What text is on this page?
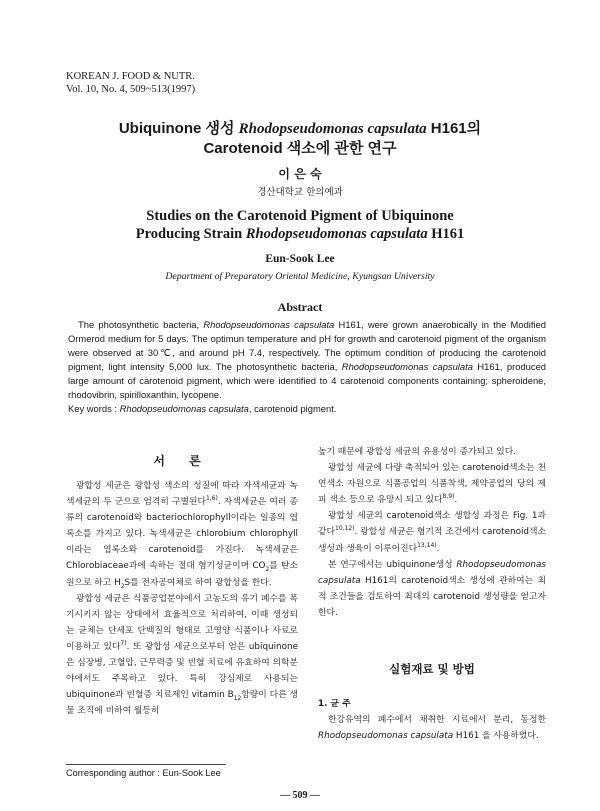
KOREAN J. FOOD & NUTR.
Vol. 10, No. 4, 509~513(1997)
Ubiquinone 생성 Rhodopseudomonas capsulata H161의
Carotenoid 색소에 관한 연구
이 은 숙
경산대학교 한의예과
Studies on the Carotenoid Pigment of Ubiquinone
Producing Strain Rhodopseudomonas capsulata H161
Eun-Sook Lee
Department of Preparatory Oriental Medicine, Kyungsan University
Abstract

The photosynthetic bacteria, Rhodopseudomonas capsulata H161, were grown anaerobically in the Modified Ormerod medium for 5 days. The optimun temperature and pH for growth and carotenoid pigment of the organism were observed at 30℃, and around pH 7.4, respectively. The optimum condition of producing the carotenoid pigment, light intensity 5,000 lux. The photosynthetic bacteria, Rhodopseudomonas capsulata H161, produced large amount of carotenoid pigment, which were identified to 4 carotenoid components containing; spheroidene, rhodovibrin, spirilloxanthin, lycopene.

Key words : Rhodopseudomonas capsulata, carotenoid pigment.

서 론

광합성 세균은 광합성 색소의 성질에 따라 자색세균과 녹색세균의 두 군으로 엄격히 구별된다$^{1,6)}$. 자색세균은 여러 종류의 carotenoid와 bacteriochlorophyll이라는 일종의 엽록소를 가지고 있다. 녹색세균은 chlorobium chlorophyll이라는 엽록소와 carotenoid를 가진다. 녹색세균은 Chlorobiaceae과에 속하는 절대 혐기성균이며 $CO_2$를 탄소원으로 하고 $H_2S$를 전자공여체로 하여 광합성을 한다.

광합성 세균은 식품공업분야에서 고농도의 유기 폐수를 폭기시키지 않는 상태에서 효율적으로 처리하여, 이때 생성되는 균체는 단세포 단백질의 형태로 고영양 식품이나 사료로 이용하고 있다$^{7)}$. 또 광합성 세균으로부터 얻은 ubiquinone은 심장병, 고혈압, 근무력증 및 빈혈 치료에 유효하여 의학분야에서도 주목하고 있다. 특히 강심제로 사용되는 ubiquinone과 빈혈증 치료제인 vitamin $B_{12}$함량이 다른 생물 조직에 비하여 월등히

Corresponding author : Eun-Sook Lee

높기 때문에 광합성 세균의 유용성이 증가되고 있다.

광합성 세균에 다량 축적되어 있는 carotenoid색소는 천연색소 자원으로 식품공업의 식품착색, 제약공업의 당의 제피 색소 등으로 유망시 되고 있다$^{8,9)}$.

광합성 세균의 carotenoid색소 생합성 과정은 Fig. 1과 같다$^{10,12)}$. 광합성 세균은 혐기적 조건에서 carotenoid색소 생성과 생육이 이루어진다$^{13,14)}$.

본 연구에서는 ubiquinone생성 Rhodopseudomonas capsulata H161의 carotenoid색소 생성에 관하여는 최적 조건들을 검토하여 최대의 carotenoid 생성량을 얻고자 한다.

실험재료 및 방법

1. 균 주

한강유역의 폐수에서 채취한 시료에서 분리, 동정한 Rhodopseudomonas capsulata H161 을 사용하였다.

— 509 —
